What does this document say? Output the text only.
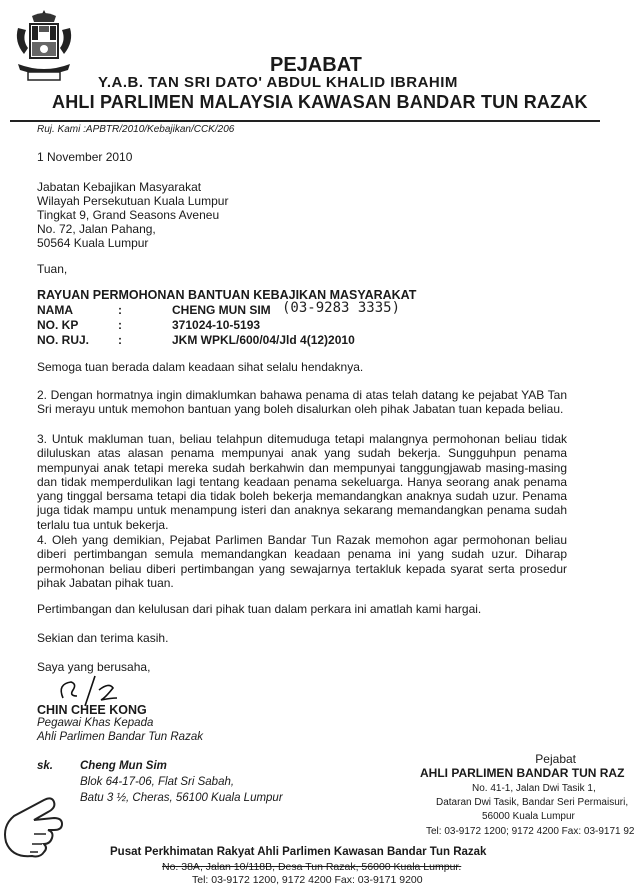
PEJABAT
Y.A.B. TAN SRI DATO' ABDUL KHALID IBRAHIM
AHLI PARLIMEN MALAYSIA KAWASAN BANDAR TUN RAZAK
Ruj. Kami :APBTR/2010/Kebajikan/CCK/206
1 November 2010
Jabatan Kebajikan Masyarakat
Wilayah Persekutuan Kuala Lumpur
Tingkat 9, Grand Seasons Aveneu
No. 72, Jalan Pahang,
50564 Kuala Lumpur
Tuan,
RAYUAN PERMOHONAN BANTUAN KEBAJIKAN MASYARAKAT
NAMA	:	CHENG MUN SIM (03-9283 3335)
NO. KP	:	371024-10-5193
NO. RUJ. :	JKM WPKL/600/04/Jld 4(12)2010
Semoga tuan berada dalam keadaan sihat selalu hendaknya.
2. Dengan hormatnya ingin dimaklumkan bahawa penama di atas telah datang ke pejabat YAB Tan Sri merayu untuk memohon bantuan yang boleh disalurkan oleh pihak Jabatan tuan kepada beliau.
3. Untuk makluman tuan, beliau telahpun ditemuduga tetapi malangnya permohonan beliau tidak diluluskan atas alasan penama mempunyai anak yang sudah bekerja. Sungguhpun penama mempunyai anak tetapi mereka sudah berkahwin dan mempunyai tanggungjawab masing-masing dan tidak memperdulikan lagi tentang keadaan penama sekeluarga. Hanya seorang anak penama yang tinggal bersama tetapi dia tidak boleh bekerja memandangkan anaknya sudah uzur. Penama juga tidak mampu untuk menampung isteri dan anaknya sekarang memandangkan penama sudah terlalu tua untuk bekerja.
4. Oleh yang demikian, Pejabat Parlimen Bandar Tun Razak memohon agar permohonan beliau diberi pertimbangan semula memandangkan keadaan penama ini yang sudah uzur. Diharap permohonan beliau diberi pertimbangan yang sewajarnya tertakluk kepada syarat serta prosedur pihak Jabatan pihak tuan.
Pertimbangan dan kelulusan dari pihak tuan dalam perkara ini amatlah kami hargai.
Sekian dan terima kasih.
Saya yang berusaha,
CHIN CHEE KONG
Pegawai Khas Kepada
Ahli Parlimen Bandar Tun Razak
sk. Cheng Mun Sim
Blok 64-17-06, Flat Sri Sabah,
Batu 3 ½, Cheras, 56100 Kuala Lumpur
Pejabat
AHLI PARLIMEN BANDAR TUN RAZ
No. 41-1, Jalan Dwi Tasik 1,
Dataran Dwi Tasik, Bandar Seri Permaisuri,
56000 Kuala Lumpur
Tel: 03-9172 1200; 9172 4200 Fax: 03-9171 92
Pusat Perkhimatan Rakyat Ahli Parlimen Kawasan Bandar Tun Razak
No. 38A, Jalan 10/118B, Desa Tun Razak, 56000 Kuala Lumpur.
Tel: 03-9172 1200, 9172 4200 Fax: 03-9171 9200
